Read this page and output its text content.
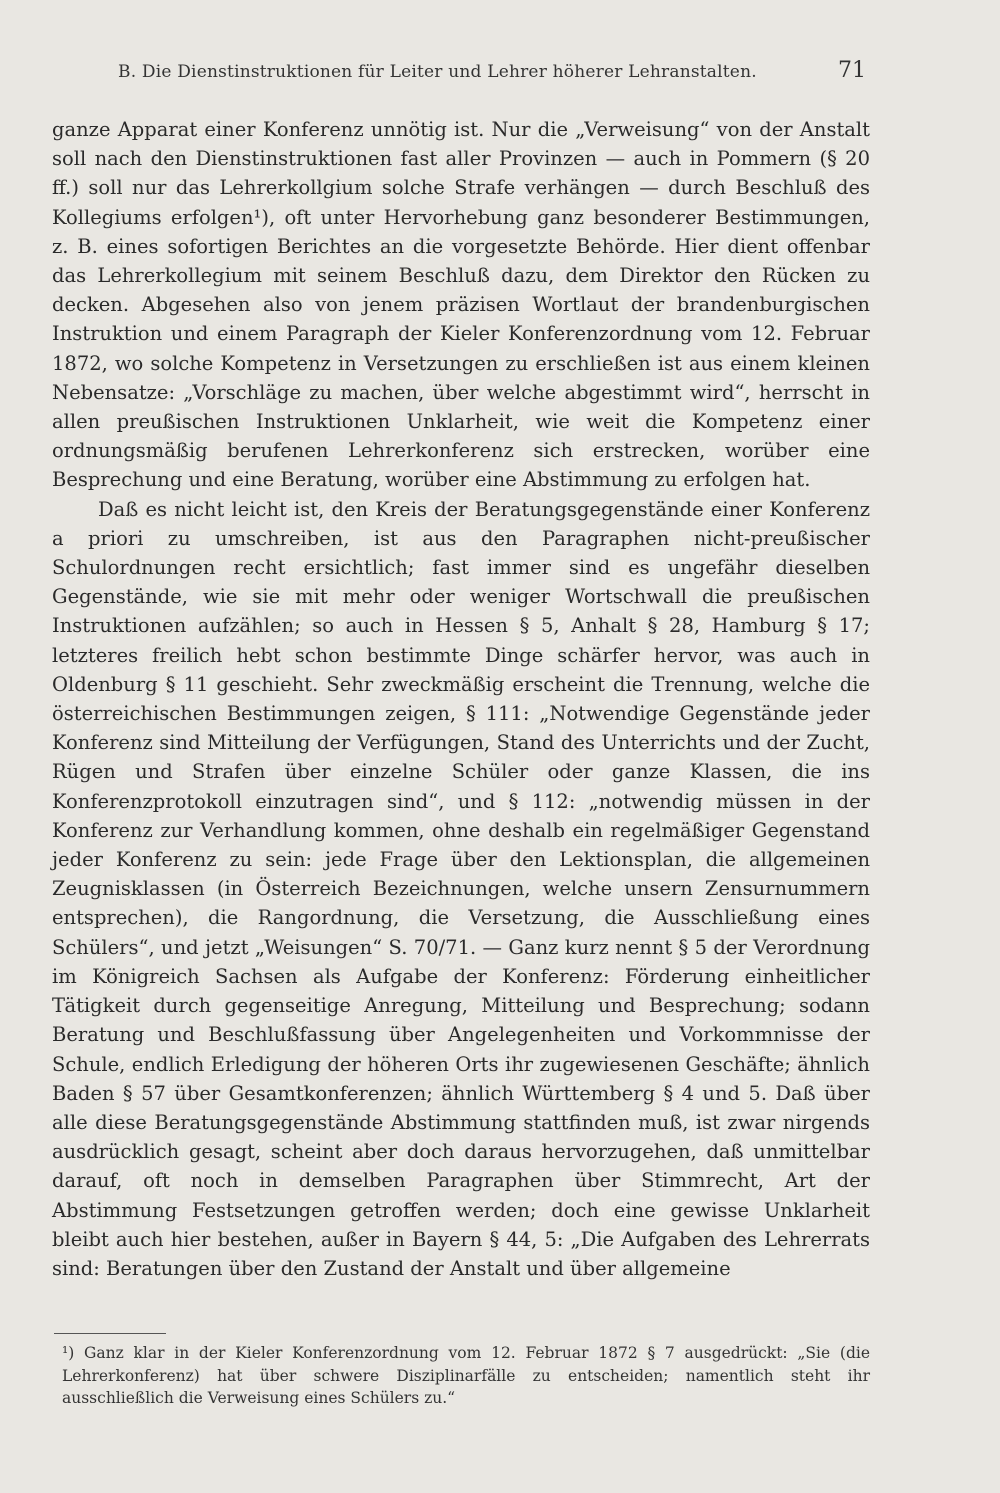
B. Die Dienstinstruktionen für Leiter und Lehrer höherer Lehranstalten.	71

ganze Apparat einer Konferenz unnötig ist. Nur die „Verweisung“ von der Anstalt soll nach den Dienstinstruktionen fast aller Provinzen — auch in Pommern (§ 20 ff.) soll nur das Lehrerkollgium solche Strafe verhängen — durch Beschluß des Kollegiums erfolgen¹), oft unter Hervorhebung ganz besonderer Bestimmungen, z. B. eines sofortigen Berichtes an die vorgesetzte Behörde. Hier dient offenbar das Lehrerkollegium mit seinem Beschluß dazu, dem Direktor den Rücken zu decken. Abgesehen also von jenem präzisen Wortlaut der brandenburgischen Instruktion und einem Paragraph der Kieler Konferenzordnung vom 12. Februar 1872, wo solche Kompetenz in Versetzungen zu erschließen ist aus einem kleinen Nebensatze: „Vorschläge zu machen, über welche abgestimmt wird“, herrscht in allen preußischen Instruktionen Unklarheit, wie weit die Kompetenz einer ordnungsmäßig berufenen Lehrerkonferenz sich erstrecken, worüber eine Besprechung und eine Beratung, worüber eine Abstimmung zu erfolgen hat.

Daß es nicht leicht ist, den Kreis der Beratungsgegenstände einer Konferenz a priori zu umschreiben, ist aus den Paragraphen nicht-preußischer Schulordnungen recht ersichtlich; fast immer sind es ungefähr dieselben Gegenstände, wie sie mit mehr oder weniger Wortschwall die preußischen Instruktionen aufzählen; so auch in Hessen § 5, Anhalt § 28, Hamburg § 17; letzteres freilich hebt schon bestimmte Dinge schärfer hervor, was auch in Oldenburg § 11 geschieht. Sehr zweckmäßig erscheint die Trennung, welche die österreichischen Bestimmungen zeigen, § 111: „Notwendige Gegenstände jeder Konferenz sind Mitteilung der Verfügungen, Stand des Unterrichts und der Zucht, Rügen und Strafen über einzelne Schüler oder ganze Klassen, die ins Konferenzprotokoll einzutragen sind“, und § 112: „notwendig müssen in der Konferenz zur Verhandlung kommen, ohne deshalb ein regelmäßiger Gegenstand jeder Konferenz zu sein: jede Frage über den Lektionsplan, die allgemeinen Zeugnisklassen (in Österreich Bezeichnungen, welche unsern Zensurnummern entsprechen), die Rangordnung, die Versetzung, die Ausschließung eines Schülers“, und jetzt „Weisungen“ S. 70/71. — Ganz kurz nennt § 5 der Verordnung im Königreich Sachsen als Aufgabe der Konferenz: Förderung einheitlicher Tätigkeit durch gegenseitige Anregung, Mitteilung und Besprechung; sodann Beratung und Beschlußfassung über Angelegenheiten und Vorkommnisse der Schule, endlich Erledigung der höheren Orts ihr zugewiesenen Geschäfte; ähnlich Baden § 57 über Gesamtkonferenzen; ähnlich Württemberg § 4 und 5. Daß über alle diese Beratungsgegenstände Abstimmung stattfinden muß, ist zwar nirgends ausdrücklich gesagt, scheint aber doch daraus hervorzugehen, daß unmittelbar darauf, oft noch in demselben Paragraphen über Stimmrecht, Art der Abstimmung Festsetzungen getroffen werden; doch eine gewisse Unklarheit bleibt auch hier bestehen, außer in Bayern § 44, 5: „Die Aufgaben des Lehrerrats sind: Beratungen über den Zustand der Anstalt und über allgemeine

¹) Ganz klar in der Kieler Konferenzordnung vom 12. Februar 1872 § 7 ausgedrückt: „Sie (die Lehrerkonferenz) hat über schwere Disziplinarfälle zu entscheiden; namentlich steht ihr ausschließlich die Verweisung eines Schülers zu.“
